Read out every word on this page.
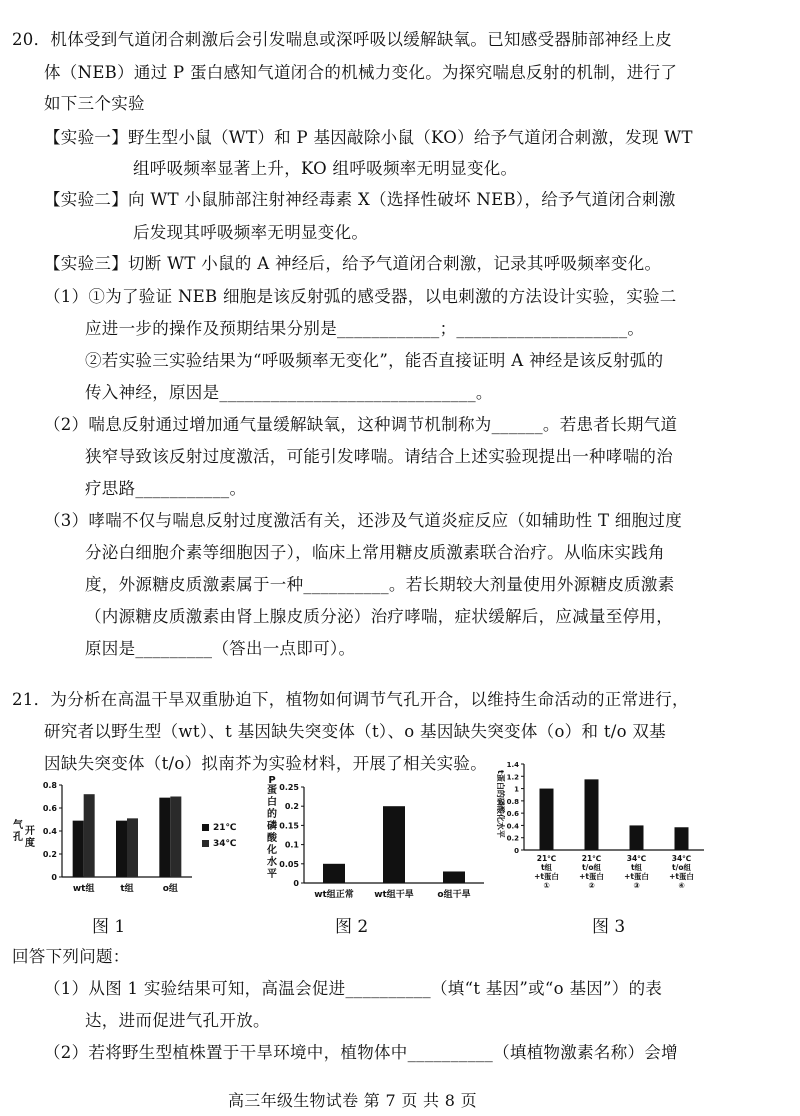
20．机体受到气道闭合刺激后会引发喘息或深呼吸以缓解缺氧。已知感受器肺部神经上皮
体（NEB）通过 P 蛋白感知气道闭合的机械力变化。为探究喘息反射的机制，进行了
如下三个实验
【实验一】野生型小鼠（WT）和 P 基因敲除小鼠（KO）给予气道闭合刺激，发现 WT
组呼吸频率显著上升，KO 组呼吸频率无明显变化。
【实验二】向 WT 小鼠肺部注射神经毒素 X（选择性破坏 NEB），给予气道闭合刺激
后发现其呼吸频率无明显变化。
【实验三】切断 WT 小鼠的 A 神经后，给予气道闭合刺激，记录其呼吸频率变化。
（1）①为了验证 NEB 细胞是该反射弧的感受器，以电刺激的方法设计实验，实验二
应进一步的操作及预期结果分别是____________；____________________。
②若实验三实验结果为“呼吸频率无变化”，能否直接证明 A 神经是该反射弧的
传入神经，原因是______________________________。
（2）喘息反射通过增加通气量缓解缺氧，这种调节机制称为______。若患者长期气道
狭窄导致该反射过度激活，可能引发哮喘。请结合上述实验现提出一种哮喘的治
疗思路___________。
（3）哮喘不仅与喘息反射过度激活有关，还涉及气道炎症反应（如辅助性 T 细胞过度
分泌白细胞介素等细胞因子），临床上常用糖皮质激素联合治疗。从临床实践角
度，外源糖皮质激素属于一种__________。若长期较大剂量使用外源糖皮质激素
（内源糖皮质激素由肾上腺皮质分泌）治疗哮喘，症状缓解后，应减量至停用，
原因是_________（答出一点即可）。
21．为分析在高温干旱双重胁迫下，植物如何调节气孔开合，以维持生命活动的正常进行，
研究者以野生型（wt）、t 基因缺失突变体（t）、o 基因缺失突变体（o）和 t/o 双基
因缺失突变体（t/o）拟南芥为实验材料，开展了相关实验。
0
0.2
0.4
0.6
0.8
气
孔
开
度
wt组	t组	o组
21℃
34℃
0
0.05
0.1
0.15
0.2
0.25
蛋
白
的
磷
酸
化
水
平
P
wt组正常 wt组干旱	o组干旱
0
0.2
0.4
0.6
0.8
1
1.2
1.4
t蛋白的磷酸化水平
21℃
t组
+t蛋白
①
21℃
t/o组
+t蛋白
②
34℃
t组
+t蛋白
③
34℃
t/o组
+t蛋白
④
图 1	图 2	图 3
回答下列问题：
（1）从图 1 实验结果可知，高温会促进__________（填“t 基因”或“o 基因”）的表
达，进而促进气孔开放。
（2）若将野生型植株置于干旱环境中，植物体中__________（填植物激素名称）会增
高三年级生物试卷 第 7 页 共 8 页
